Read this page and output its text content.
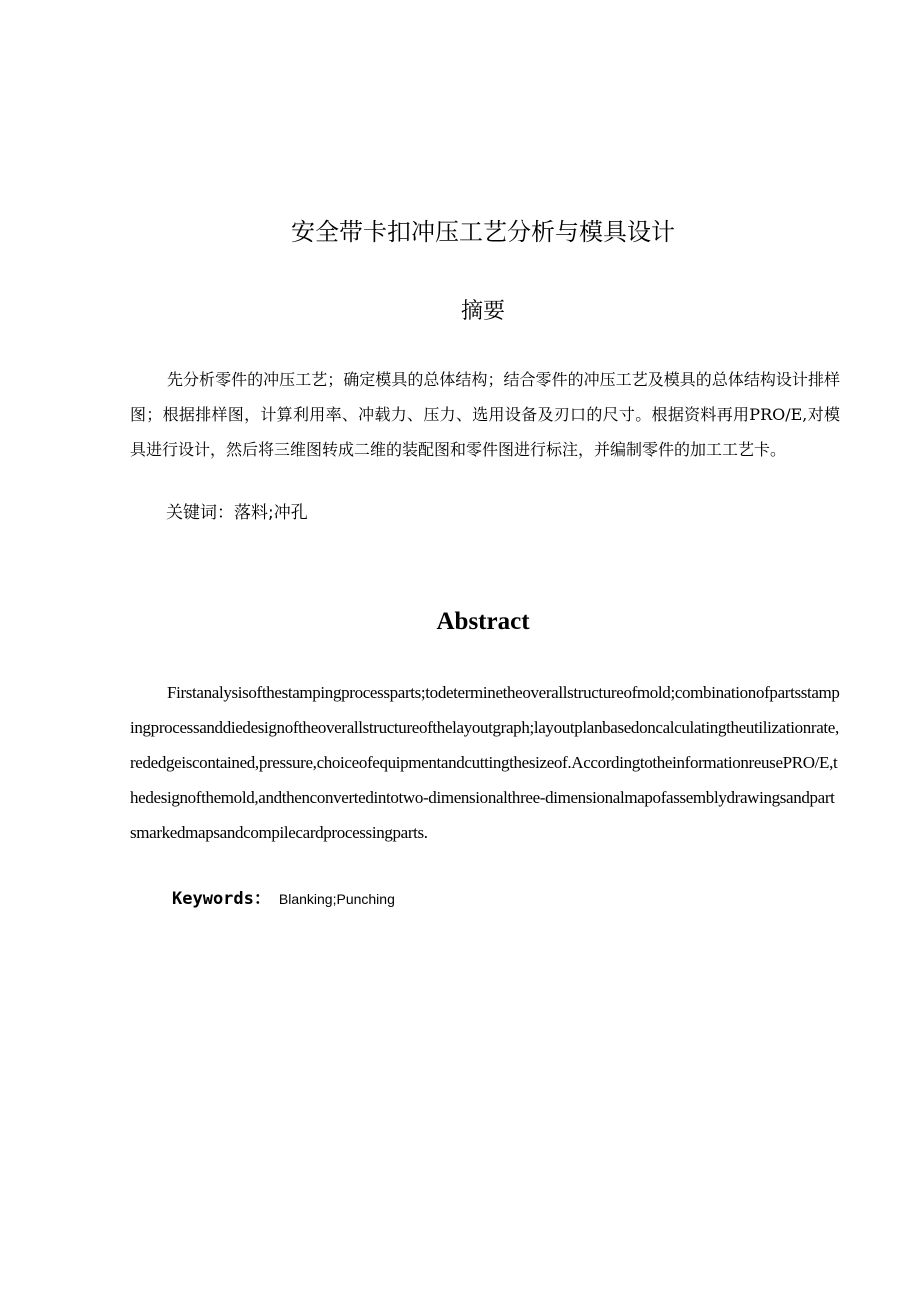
安全带卡扣冲压工艺分析与模具设计
摘要

先分析零件的冲压工艺；确定模具的总体结构；结合零件的冲压工艺及模具的总体结构设计排样图；根据排样图，计算利用率、冲载力、压力、选用设备及刃口的尺寸。根据资料再用PRO/E,对模具进行设计，然后将三维图转成二维的装配图和零件图进行标注，并编制零件的加工工艺卡。

关键词：落料;冲孔

Abstract

Firstanalysisofthestampingprocessparts;todeterminetheoverallstructureofmold;combinationofpartsstampingprocessanddiedesignoftheoverallstructureofthelayoutgraph;layoutplanbasedoncalculatingtheutilizationrate,rededgeiscontained,pressure,choiceofequipmentandcuttingthesizeof.AccordingtotheinformationreusePRO/E,thedesignofthemold,andthenconvertedintotwo-dimensionalthree-dimensionalmapofassemblydrawingsandpartsmarkedmapsandcompilecardprocessingparts.

Keywords： Blanking;Punching
